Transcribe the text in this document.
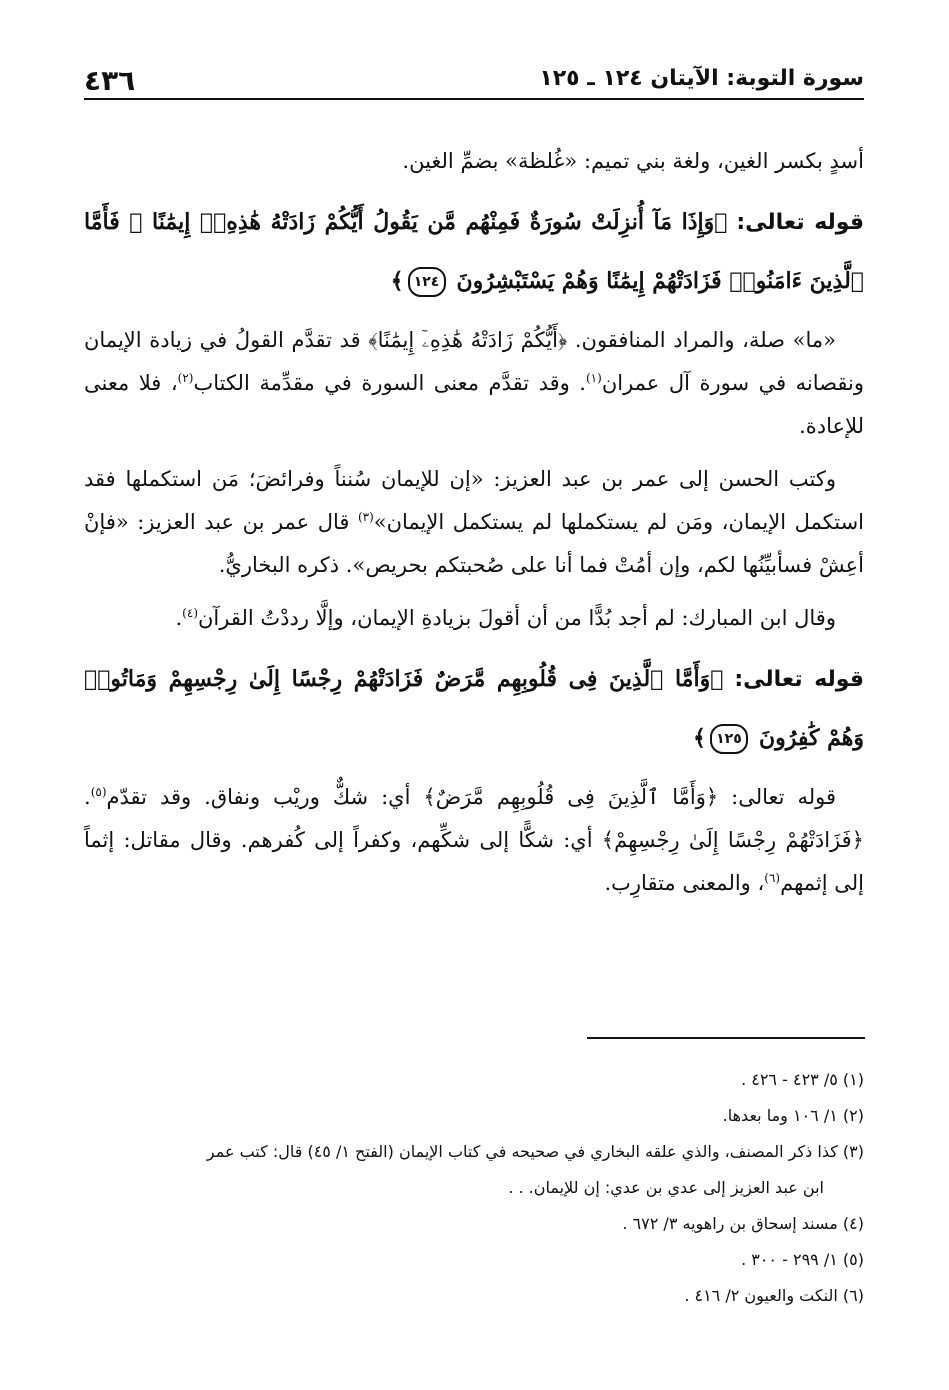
٤٣٦	سورة التوبة: الآيتان ١٢٤ ـ ١٢٥

أسدٍ بكسر الغين، ولغة بني تميم: «غُلظة» بضمِّ الغين.

قوله تعالى: ﴿وَإِذَا مَآ أُنزِلَتْ سُورَةٌ فَمِنْهُم مَّن يَقُولُ أَيُّكُمْ زَادَتْهُ هَٰذِهِۦٓ إِيمَٰنًا ۚ فَأَمَّا ٱلَّذِينَ ءَامَنُوا۟ فَزَادَتْهُمْ إِيمَٰنًا وَهُمْ يَسْتَبْشِرُونَ ١٢٤﴾

«ما» صلة، والمراد المنافقون. ﴿أَيُّكُمْ زَادَتْهُ هَٰذِهِۦٓ إِيمَٰنًا﴾ قد تقدَّم القولُ في زيادة الإيمان ونقصانه في سورة آل عمران$^{(١)}$. وقد تقدَّم معنى السورة في مقدِّمة الكتاب$^{(٢)}$، فلا معنى للإعادة.

وكتب الحسن إلى عمر بن عبد العزيز: «إن للإيمان سُنناً وفرائضَ؛ مَن استكملها فقد استكمل الإيمان، ومَن لم يستكملها لم يستكمل الإيمان»$^{(٣)}$ قال عمر بن عبد العزيز: «فإنْ أعِشْ فسأبيِّنُها لكم، وإن أمُتْ فما أنا على صُحبتكم بحريص». ذكره البخاريُّ.

وقال ابن المبارك: لم أجد بُدًّا من أن أقولَ بزيادةِ الإيمان، وإلَّا رددْتُ القرآن$^{(٤)}$.

قوله تعالى: ﴿وَأَمَّا ٱلَّذِينَ فِى قُلُوبِهِم مَّرَضٌ فَزَادَتْهُمْ رِجْسًا إِلَىٰ رِجْسِهِمْ وَمَاتُوا۟ وَهُمْ كَٰفِرُونَ ١٢٥﴾

قوله تعالى: ﴿وَأَمَّا ٱلَّذِينَ فِى قُلُوبِهِم مَّرَضٌ﴾ أي: شكٌّ وريْب ونفاق. وقد تقدّم$^{(٥)}$. ﴿فَزَادَتْهُمْ رِجْسًا إِلَىٰ رِجْسِهِمْ﴾ أي: شكًّا إلى شكِّهم، وكفراً إلى كُفرهم. وقال مقاتل: إثماً إلى إثمهم$^{(٦)}$، والمعنى متقارِب.

(١) ٥/ ٤٢٣ - ٤٢٦ .

(٢) ١/ ١٠٦ وما بعدها.

(٣) كذا ذكر المصنف، والذي علقه البخاري في صحيحه في كتاب الإيمان (الفتح ١/ ٤٥) قال: كتب عمر

ابن عبد العزيز إلى عدي بن عدي: إن للإيمان. . .

(٤) مسند إسحاق بن راهويه ٣/ ٦٧٢ .

(٥) ١/ ٢٩٩ - ٣٠٠ .

(٦) النكت والعيون ٢/ ٤١٦ .
